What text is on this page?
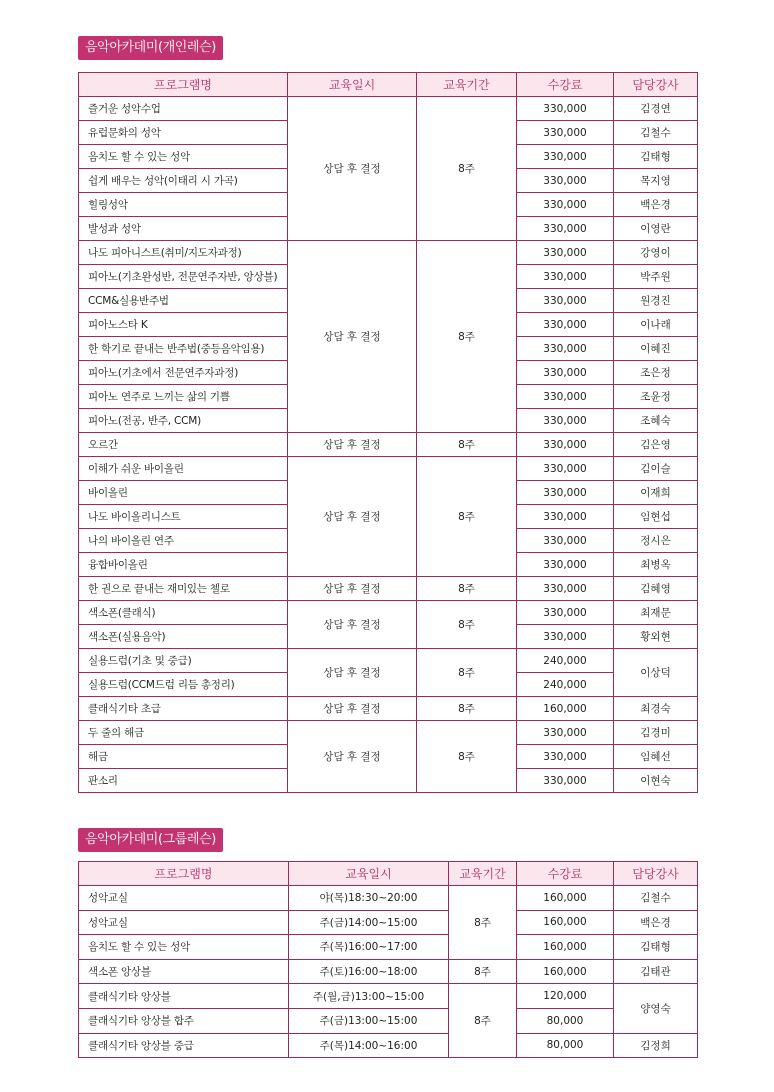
음악아카데미(개인레슨)
프로그램명	교육일시	교육기간	수강료	담당강사
즐거운 성악수업	상담 후 결정	8주	330,000	김경연
유럽문화의 성악			330,000	김철수
음치도 할 수 있는 성악			330,000	김태형
쉽게 배우는 성악(이태리 시 가곡)			330,000	목지영
힐링성악			330,000	백은경
발성과 성악			330,000	이영란
나도 피아니스트(취미/지도자과정)	상담 후 결정	8주	330,000	강영이
피아노(기초완성반, 전문연주자반, 앙상블)			330,000	박주원
CCM&실용반주법			330,000	원경진
피아노스타 K			330,000	이나래
한 학기로 끝내는 반주법(중등음악임용)			330,000	이혜진
피아노(기초에서 전문연주자과정)			330,000	조은정
피아노 연주로 느끼는 삶의 기쁨			330,000	조윤정
피아노(전공, 반주, CCM)			330,000	조혜숙
오르간	상담 후 결정	8주	330,000	김은영
이해가 쉬운 바이올린	상담 후 결정	8주	330,000	김이슬
바이올린			330,000	이재희
나도 바이올리니스트			330,000	임현섭
나의 바이올린 연주			330,000	정시은
융합바이올린			330,000	최병옥
한 권으로 끝내는 재미있는 첼로	상담 후 결정	8주	330,000	김혜영
색소폰(클래식)	상담 후 결정	8주	330,000	최재문
색소폰(실용음악)			330,000	황외현
실용드럼(기초 및 중급)	상담 후 결정	8주	240,000	이상덕
실용드럼(CCM드럼 리듬 총정리)			240,000	
클래식기타 초급	상담 후 결정	8주	160,000	최경숙
두 줄의 해금	상담 후 결정	8주	330,000	김경미
해금			330,000	임혜선
판소리			330,000	이현숙
음악아카데미(그룹레슨)
프로그램명	교육일시	교육기간	수강료	담당강사
성악교실	야(목)18:30~20:00	8주	160,000	김철수
성악교실	주(금)14:00~15:00		160,000	백은경
음치도 할 수 있는 성악	주(목)16:00~17:00		160,000	김태형
색소폰 앙상블	주(토)16:00~18:00	8주	160,000	김태관
클래식기타 앙상블	주(월,금)13:00~15:00	8주	120,000	양영숙
클래식기타 앙상블 합주	주(금)13:00~15:00		80,000	
클래식기타 앙상블 중급	주(목)14:00~16:00		80,000	김정희
